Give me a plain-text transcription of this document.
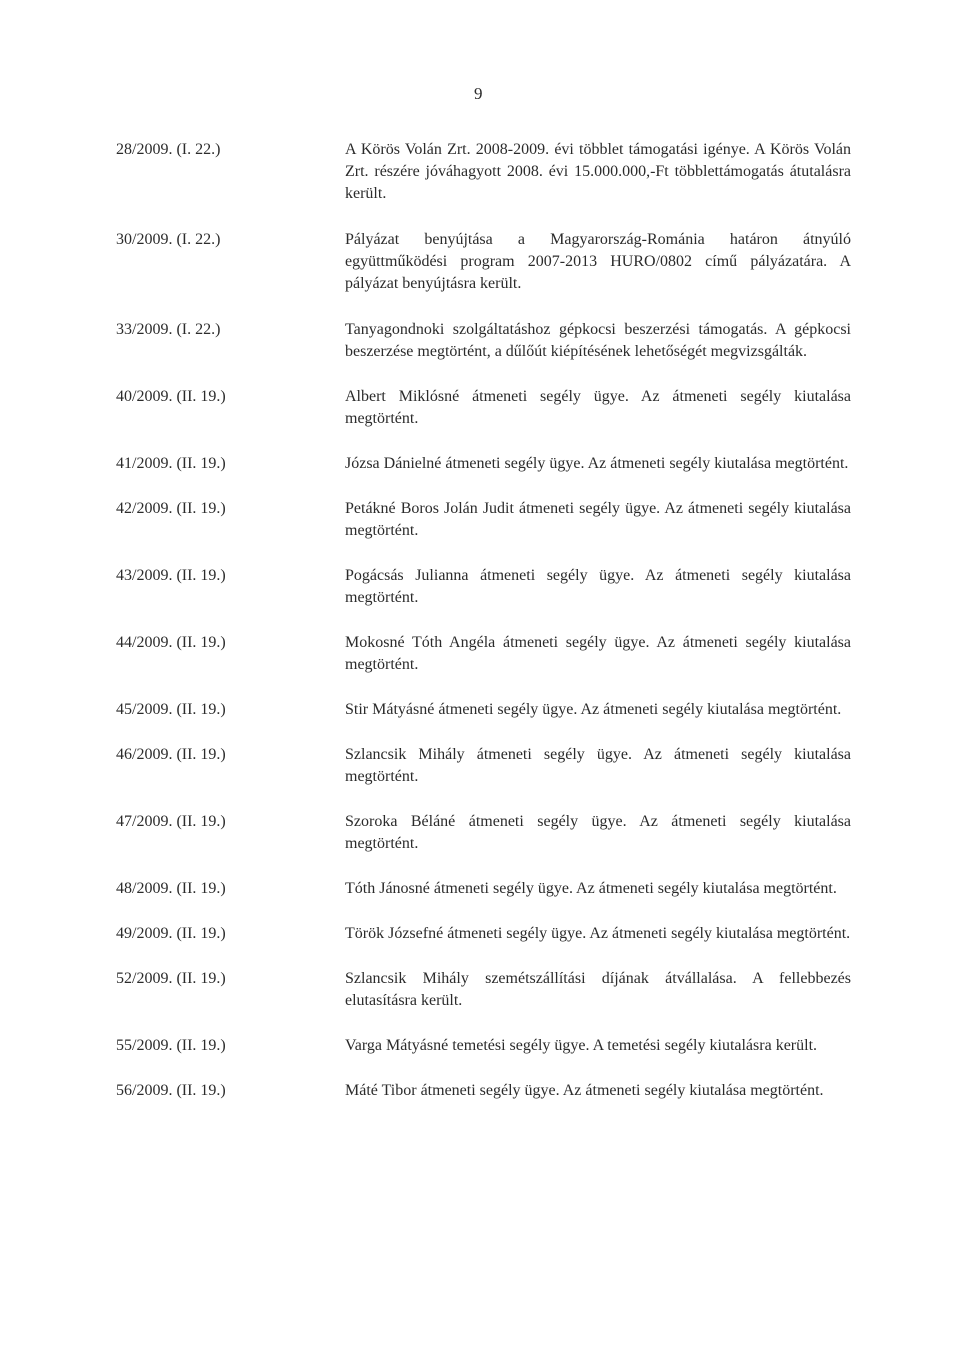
9
28/2009. (I. 22.)	A Körös Volán Zrt. 2008-2009. évi többlet támogatási igénye. A Körös Volán Zrt. részére jóváhagyott 2008. évi 15.000.000,-Ft többlettámogatás átutalásra került.
30/2009. (I. 22.)	Pályázat benyújtása a Magyarország-Románia határon átnyúló együttműködési program 2007-2013 HURO/0802 című pályázatára. A pályázat benyújtásra került.
33/2009. (I. 22.)	Tanyagondnoki szolgáltatáshoz gépkocsi beszerzési támogatás. A gépkocsi beszerzése megtörtént, a dűlőút kiépítésének lehetőségét megvizsgálták.
40/2009. (II. 19.)	Albert Miklósné átmeneti segély ügye. Az átmeneti segély kiutalása megtörtént.
41/2009. (II. 19.)	Józsa Dánielné átmeneti segély ügye. Az átmeneti segély kiutalása megtörtént.
42/2009. (II. 19.)	Petákné Boros Jolán Judit átmeneti segély ügye. Az átmeneti segély kiutalása megtörtént.
43/2009. (II. 19.)	Pogácsás Julianna átmeneti segély ügye. Az átmeneti segély kiutalása megtörtént.
44/2009. (II. 19.)	Mokosné Tóth Angéla átmeneti segély ügye. Az átmeneti segély kiutalása megtörtént.
45/2009. (II. 19.)	Stir Mátyásné átmeneti segély ügye. Az átmeneti segély kiutalása megtörtént.
46/2009. (II. 19.)	Szlancsik Mihály átmeneti segély ügye. Az átmeneti segély kiutalása megtörtént.
47/2009. (II. 19.)	Szoroka Béláné átmeneti segély ügye. Az átmeneti segély kiutalása megtörtént.
48/2009. (II. 19.)	Tóth Jánosné átmeneti segély ügye. Az átmeneti segély kiutalása megtörtént.
49/2009. (II. 19.)	Török Józsefné átmeneti segély ügye. Az átmeneti segély kiutalása megtörtént.
52/2009. (II. 19.)	Szlancsik Mihály szemétszállítási díjának átvállalása. A fellebbezés elutasításra került.
55/2009. (II. 19.)	Varga Mátyásné temetési segély ügye. A temetési segély kiutalásra került.
56/2009. (II. 19.)	Máté Tibor átmeneti segély ügye. Az átmeneti segély kiutalása megtörtént.
